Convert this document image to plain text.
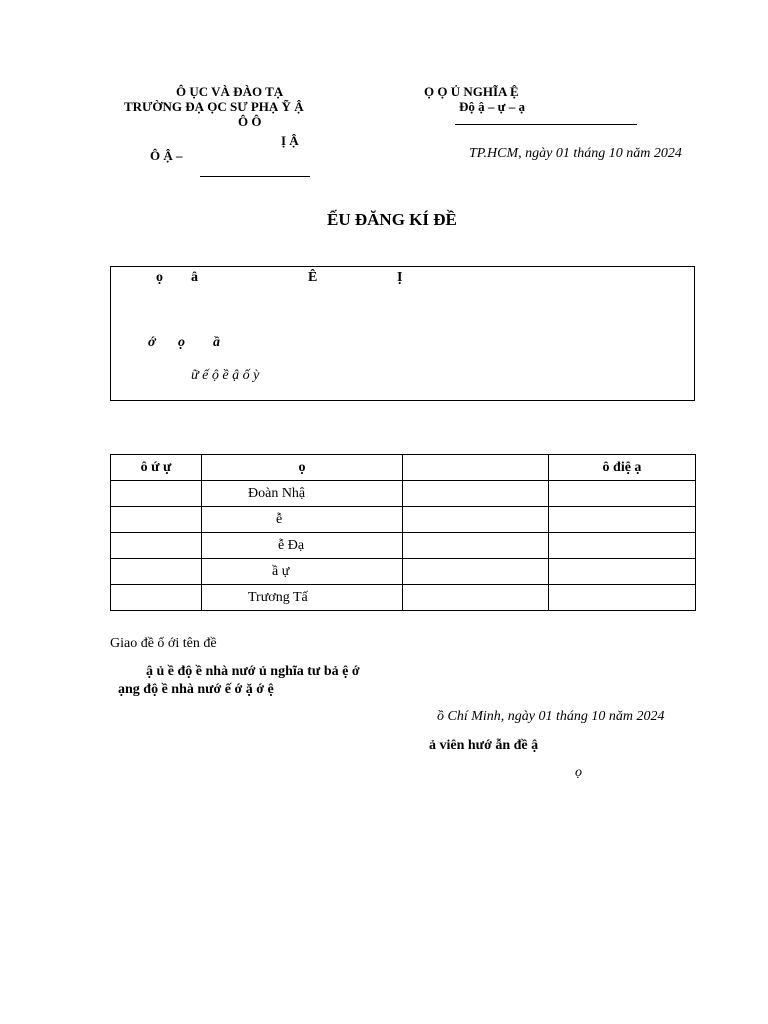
Ô ỤC VÀ ĐÀO TẠ
TRƯỜNG ĐẠ ỌC SƯ PHẠ Ỹ Ậ
Ô Ô
Ọ Ọ Ủ NGHĨA Ệ
Độ ậ – ự – ạ
Ị Ậ
Ô Ậ –	TP.HCM, ngày 01 tháng 10 năm 2024
ẾU ĐĂNG KÍ ĐỀ
ọ â	Ê	Ị
ớ ọ ầ
ữ ế ộ ề ậ ố ỳ
ô ứ ự	ọ		ô điệ ạ
	Đoàn Nhậ		
	ễ		
	ễ Đạ		
	ầ ự		
	Trương Tấ		
Giao đề ố ới tên đề
ậ ủ ề độ ề nhà nướ ủ nghĩa tư bả ệ ớ
ạng độ ề nhà nướ ế ớ ặ ớ ệ
ồ Chí Minh, ngày 01 tháng 10 năm 2024
ả viên hướ ẫn đề ậ
ọ
